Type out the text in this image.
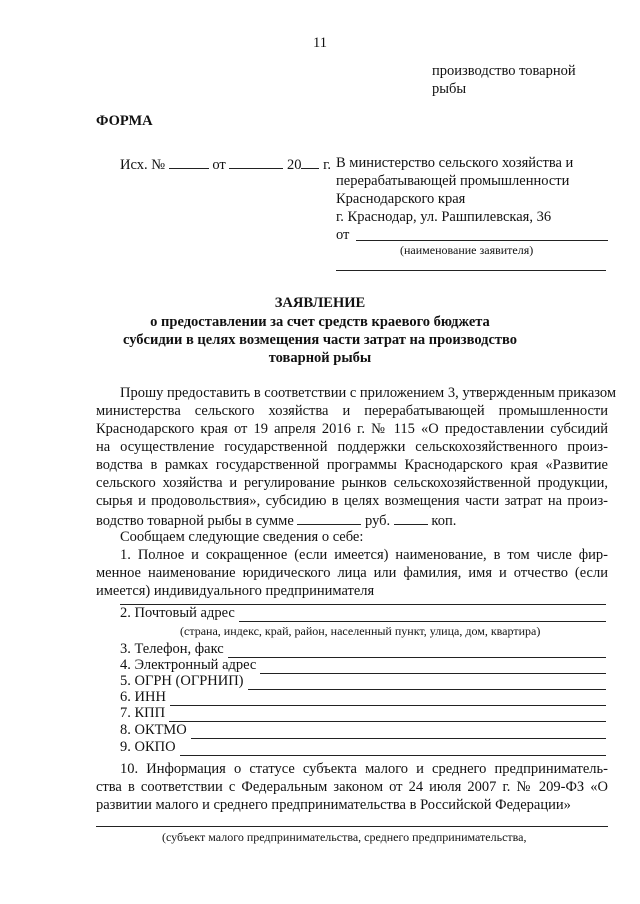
11
производство товарной
рыбы
ФОРМА
Исх. №	от	20 г. В министерство сельского хозяйства и
перерабатывающей промышленности
Краснодарского края
г. Краснодар, ул. Рашпилевская, 36
от
(наименование заявителя)
ЗАЯВЛЕНИЕ
о предоставлении за счет средств краевого бюджета
субсидии в целях возмещения части затрат на производство
товарной рыбы
Прошу предоставить в соответствии с приложением 3, утвержденным приказом
министерства сельского хозяйства и перерабатывающей промышленности
Краснодарского края от 19 апреля 2016 г. № 115 «О предоставлении субсидий
на осуществление государственной поддержки сельскохозяйственного произ-
водства в рамках государственной программы Краснодарского края «Развитие
сельского хозяйства и регулирование рынков сельскохозяйственной продукции,
сырья и продовольствия», субсидию в целях возмещения части затрат на произ-
водство товарной рыбы в сумме	руб.	коп.
Сообщаем следующие сведения о себе:
1. Полное и сокращенное (если имеется) наименование, в том числе фир-
менное наименование юридического лица или фамилия, имя и отчество (если
имеется) индивидуального предпринимателя
2. Почтовый адрес
(страна, индекс, край, район, населенный пункт, улица, дом, квартира)
3. Телефон, факс
4. Электронный адрес
5. ОГРН (ОГРНИП)
6. ИНН
7. КПП
8. ОКТМО
9. ОКПО
10. Информация о статусе субъекта малого и среднего предприниматель-
ства в соответствии с Федеральным законом от 24 июля 2007 г. № 209-ФЗ «О
развитии малого и среднего предпринимательства в Российской Федерации»
(субъект малого предпринимательства, среднего предпринимательства,
